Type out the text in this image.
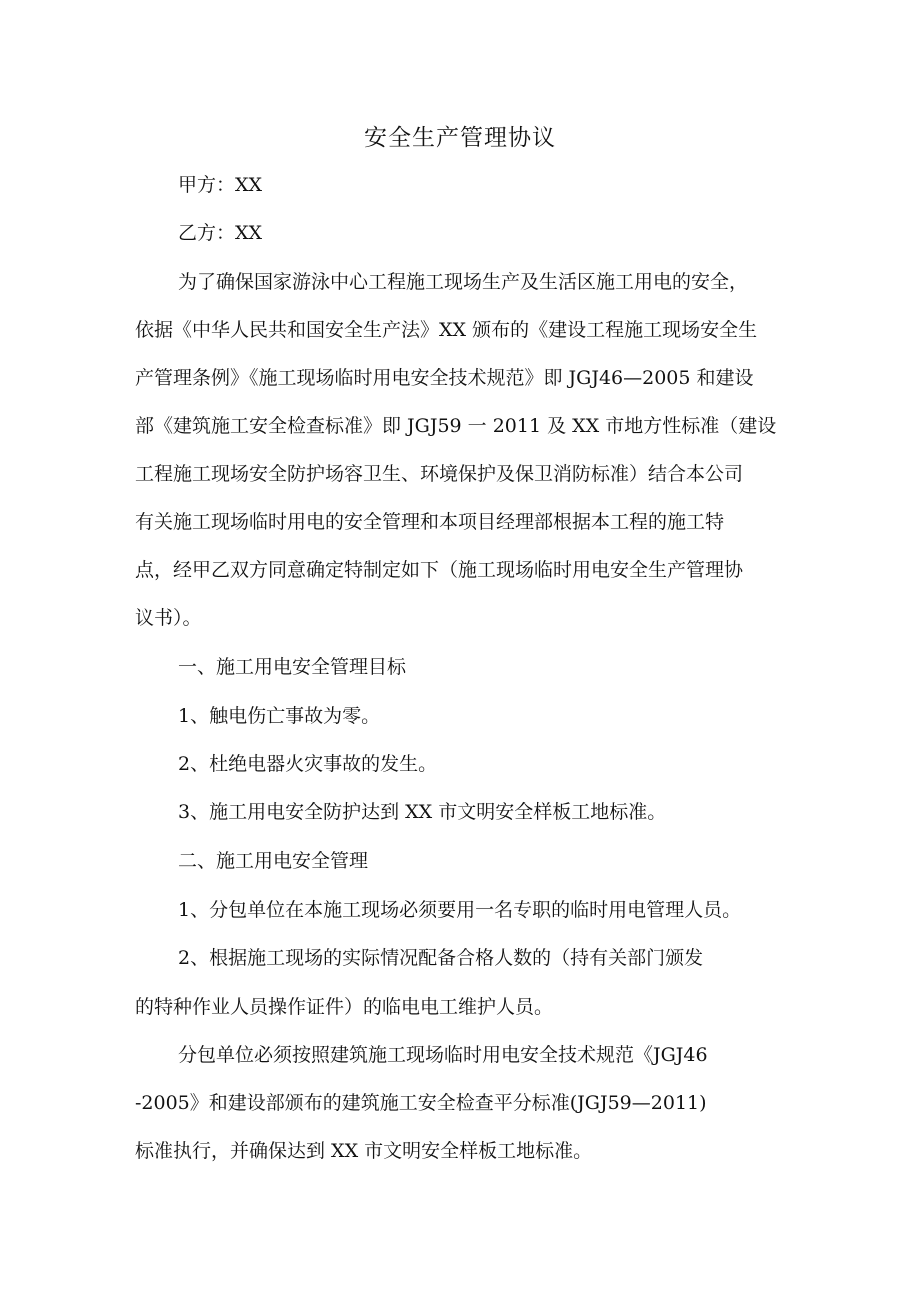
安全生产管理协议

甲方：XX

乙方：XX

为了确保国家游泳中心工程施工现场生产及生活区施工用电的安全，

依据《中华人民共和国安全生产法》XX 颁布的《建设工程施工现场安全生

产管理条例》《施工现场临时用电安全技术规范》即 JGJ46—2005 和建设

部《建筑施工安全检查标准》即 JGJ59 一 2011 及 XX 市地方性标准（建设

工程施工现场安全防护场容卫生、环境保护及保卫消防标准）结合本公司

有关施工现场临时用电的安全管理和本项目经理部根据本工程的施工特

点，经甲乙双方同意确定特制定如下（施工现场临时用电安全生产管理协

议书）。

一、施工用电安全管理目标

1、触电伤亡事故为零。

2、杜绝电器火灾事故的发生。

3、施工用电安全防护达到 XX 市文明安全样板工地标准。

二、施工用电安全管理

1、分包单位在本施工现场必须要用一名专职的临时用电管理人员。

2、根据施工现场的实际情况配备合格人数的（持有关部门颁发

的特种作业人员操作证件）的临电电工维护人员。

分包单位必须按照建筑施工现场临时用电安全技术规范《JGJ46

-2005》和建设部颁布的建筑施工安全检查平分标准(JGJ59—2011)

标准执行，并确保达到 XX 市文明安全样板工地标准。
